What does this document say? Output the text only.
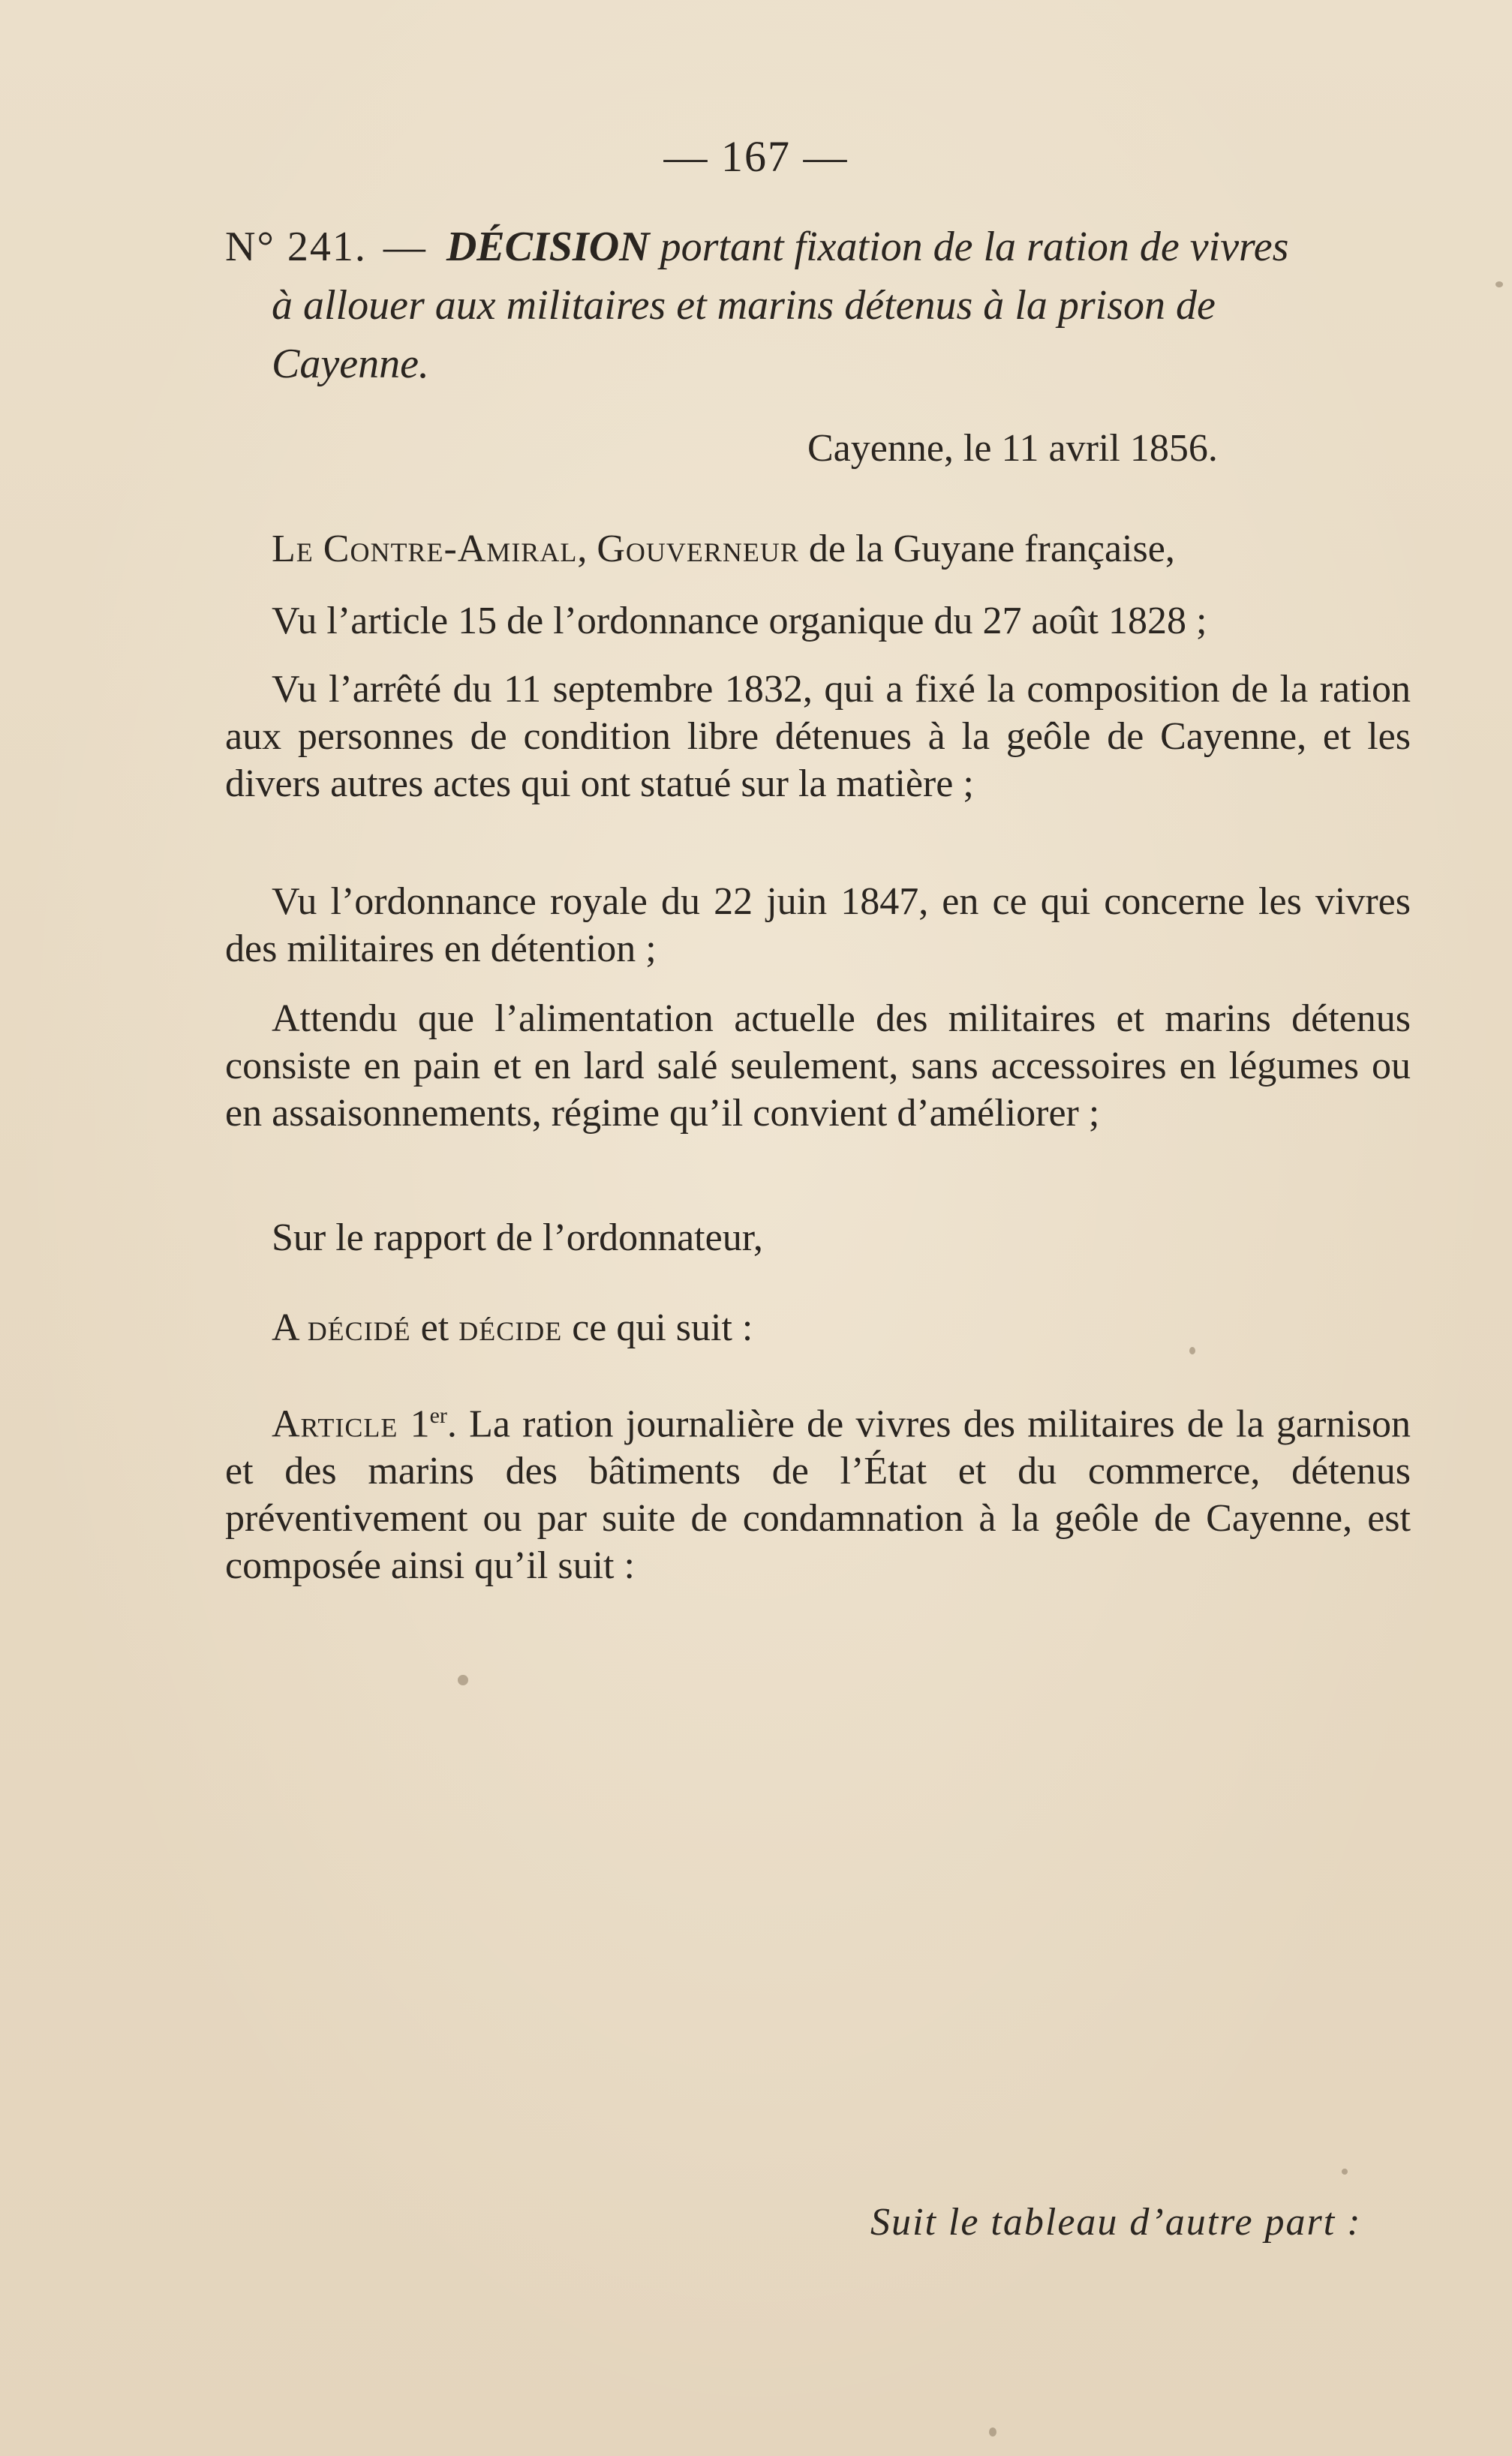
— 167 —
N° 241. — DÉCISION portant fixation de la ration de vivres
à allouer aux militaires et marins détenus à la prison de
Cayenne.
Cayenne, le 11 avril 1856.
Le Contre-Amiral, Gouverneur de la Guyane française,
Vu l’article 15 de l’ordonnance organique du 27 août 1828 ;
Vu l’arrêté du 11 septembre 1832, qui a fixé la composition de la ration aux personnes de condition libre détenues à la geôle de Cayenne, et les divers autres actes qui ont statué sur la matière ;
Vu l’ordonnance royale du 22 juin 1847, en ce qui concerne les vivres des militaires en détention ;
Attendu que l’alimentation actuelle des militaires et marins détenus consiste en pain et en lard salé seulement, sans accessoires en légumes ou en assaisonnements, régime qu’il convient d’améliorer ;
Sur le rapport de l’ordonnateur,
A décidé et décide ce qui suit :
Article 1er. La ration journalière de vivres des militaires de la garnison et des marins des bâtiments de l’État et du commerce, détenus préventivement ou par suite de condamnation à la geôle de Cayenne, est composée ainsi qu’il suit :
Suit le tableau d’autre part :
